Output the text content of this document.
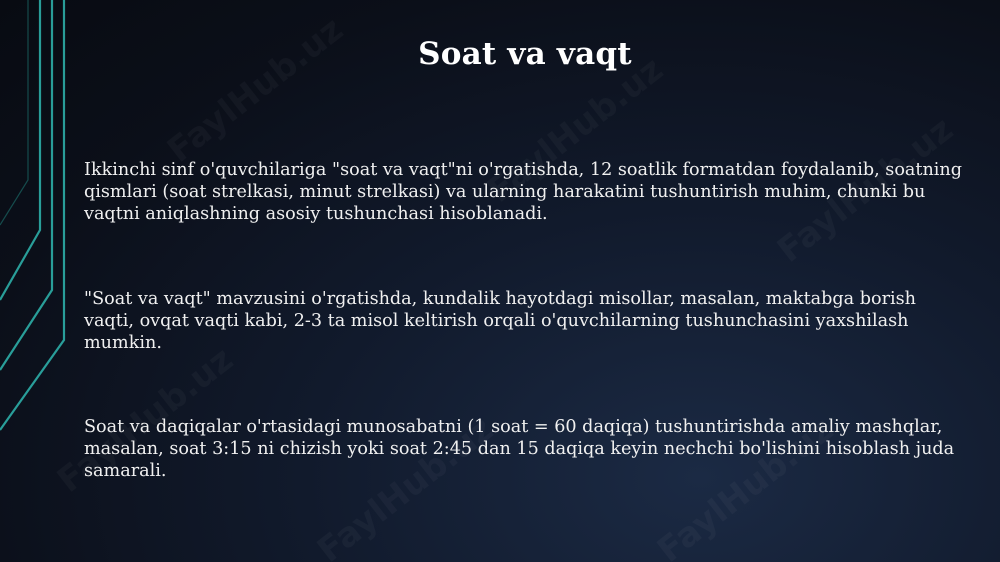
Soat va vaqt
Ikkinchi sinf o'quvchilariga "soat va vaqt"ni o'rgatishda, 12 soatlik formatdan foydalanib, soatning qismlari (soat strelkasi, minut strelkasi) va ularning harakatini tushuntirish muhim, chunki bu vaqtni aniqlashning asosiy tushunchasi hisoblanadi.
"Soat va vaqt" mavzusini o'rgatishda, kundalik hayotdagi misollar, masalan, maktabga borish vaqti, ovqat vaqti kabi, 2-3 ta misol keltirish orqali o'quvchilarning tushunchasini yaxshilash mumkin.
Soat va daqiqalar o'rtasidagi munosabatni (1 soat = 60 daqiqa) tushuntirishda amaliy mashqlar, masalan, soat 3:15 ni chizish yoki soat 2:45 dan 15 daqiqa keyin nechchi bo'lishini hisoblash juda samarali.
